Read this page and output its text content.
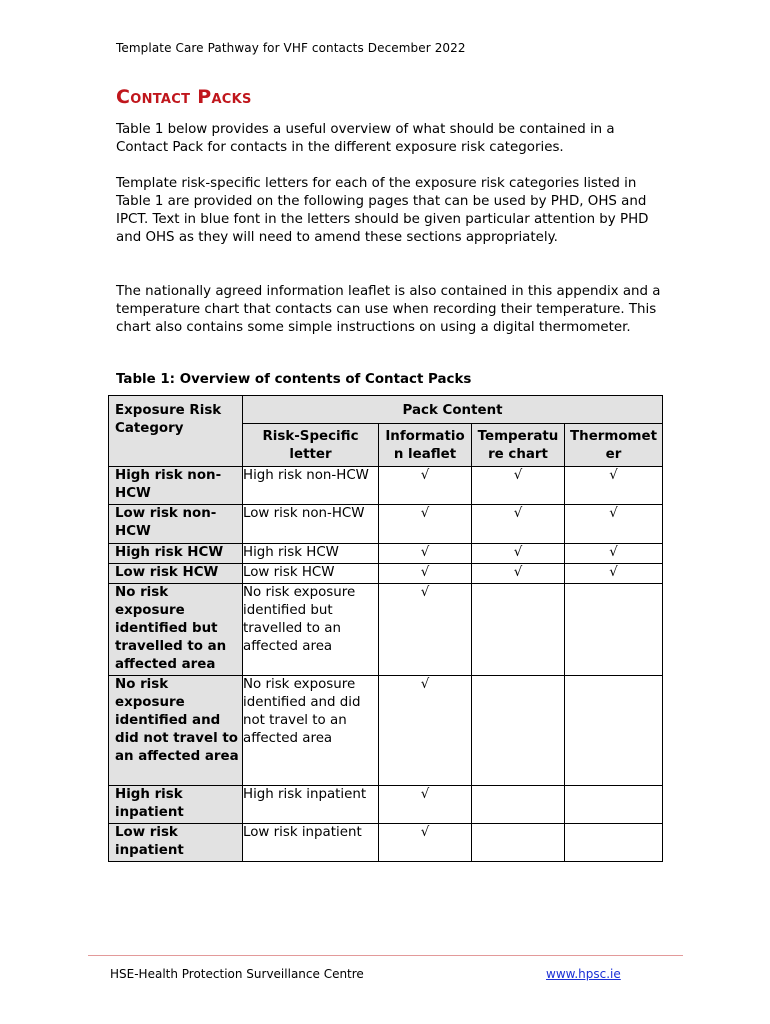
Template Care Pathway for VHF contacts December 2022
Contact Packs
Table 1 below provides a useful overview of what should be contained in a Contact Pack for contacts in the different exposure risk categories.
Template risk-specific letters for each of the exposure risk categories listed in Table 1 are provided on the following pages that can be used by PHD, OHS and IPCT. Text in blue font in the letters should be given particular attention by PHD and OHS as they will need to amend these sections appropriately.
The nationally agreed information leaflet is also contained in this appendix and a temperature chart that contacts can use when recording their temperature. This chart also contains some simple instructions on using a digital thermometer.
Table 1: Overview of contents of Contact Packs
Exposure Risk Category	Pack Content			
	Risk-Specific letter	Informatio n leaflet	Temperatu re chart	Thermomet er
High risk non-HCW	High risk non-HCW	√	√	√
Low risk non-HCW	Low risk non-HCW	√	√	√
High risk HCW	High risk HCW	√	√	√
Low risk HCW	Low risk HCW	√	√	√
No risk exposure identified but travelled to an affected area	No risk exposure identified but travelled to an affected area	√		
No risk exposure identified and did not travel to an affected area	No risk exposure identified and did not travel to an affected area	√		
High risk inpatient	High risk inpatient	√		
Low risk inpatient	Low risk inpatient	√		
HSE-Health Protection Surveillance Centre	www.hpsc.ie
